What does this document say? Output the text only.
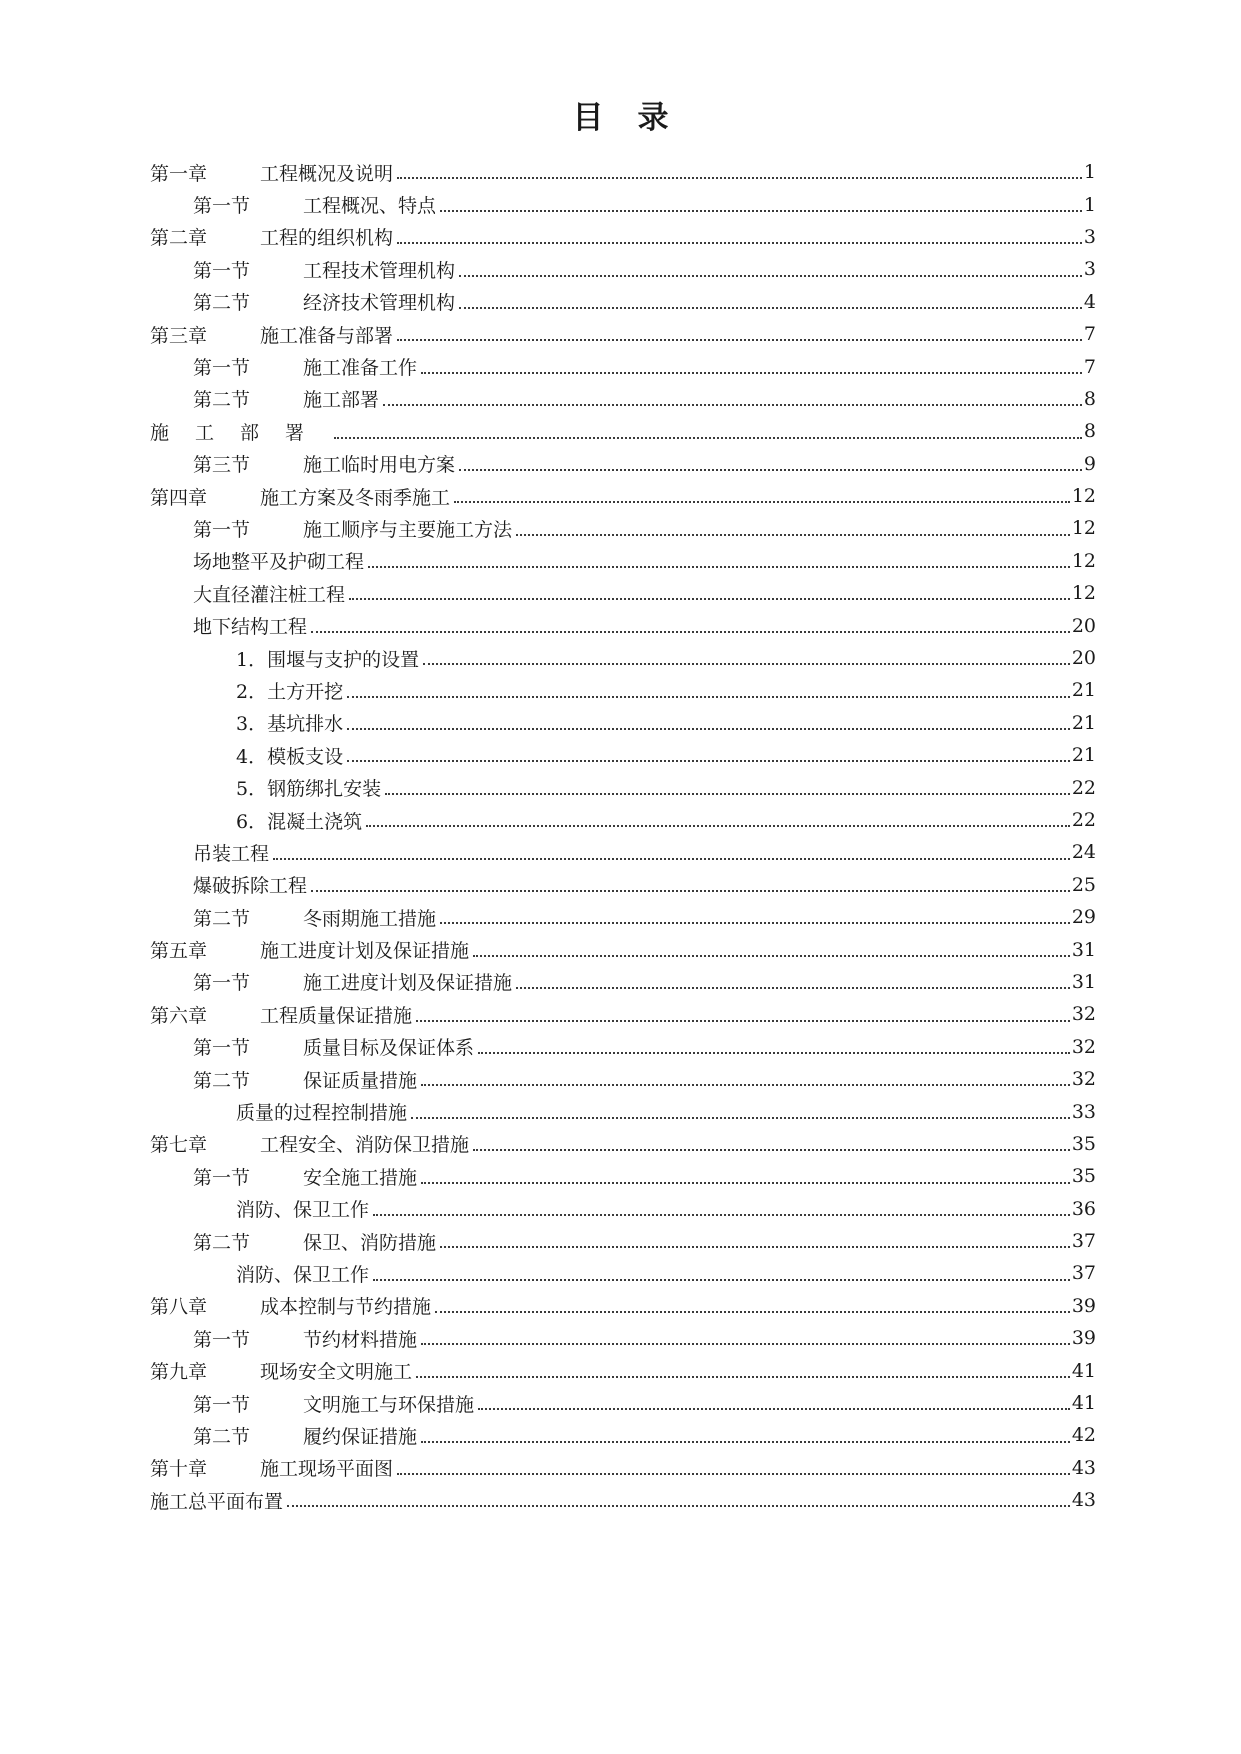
目录
第一章	工程概况及说明	1
第一节	工程概况、特点	1
第二章	工程的组织机构	3
第一节	工程技术管理机构	3
第二节	经济技术管理机构	4
第三章	施工准备与部署	7
第一节	施工准备工作	7
第二节	施工部署	8
施工部署	8
第三节	施工临时用电方案	9
第四章	施工方案及冬雨季施工	12
第一节	施工顺序与主要施工方法	12
场地整平及护砌工程	12
大直径灌注桩工程	12
地下结构工程	20
1．围堰与支护的设置	20
2．土方开挖	21
3．基坑排水	21
4．模板支设	21
5．钢筋绑扎安装	22
6．混凝土浇筑	22
吊装工程	24
爆破拆除工程	25
第二节	冬雨期施工措施	29
第五章	施工进度计划及保证措施	31
第一节	施工进度计划及保证措施	31
第六章	工程质量保证措施	32
第一节	质量目标及保证体系	32
第二节	保证质量措施	32
质量的过程控制措施	33
第七章	工程安全、消防保卫措施	35
第一节	安全施工措施	35
消防、保卫工作	36
第二节	保卫、消防措施	37
消防、保卫工作	37
第八章	成本控制与节约措施	39
第一节	节约材料措施	39
第九章	现场安全文明施工	41
第一节	文明施工与环保措施	41
第二节	履约保证措施	42
第十章	施工现场平面图	43
施工总平面布置	43
